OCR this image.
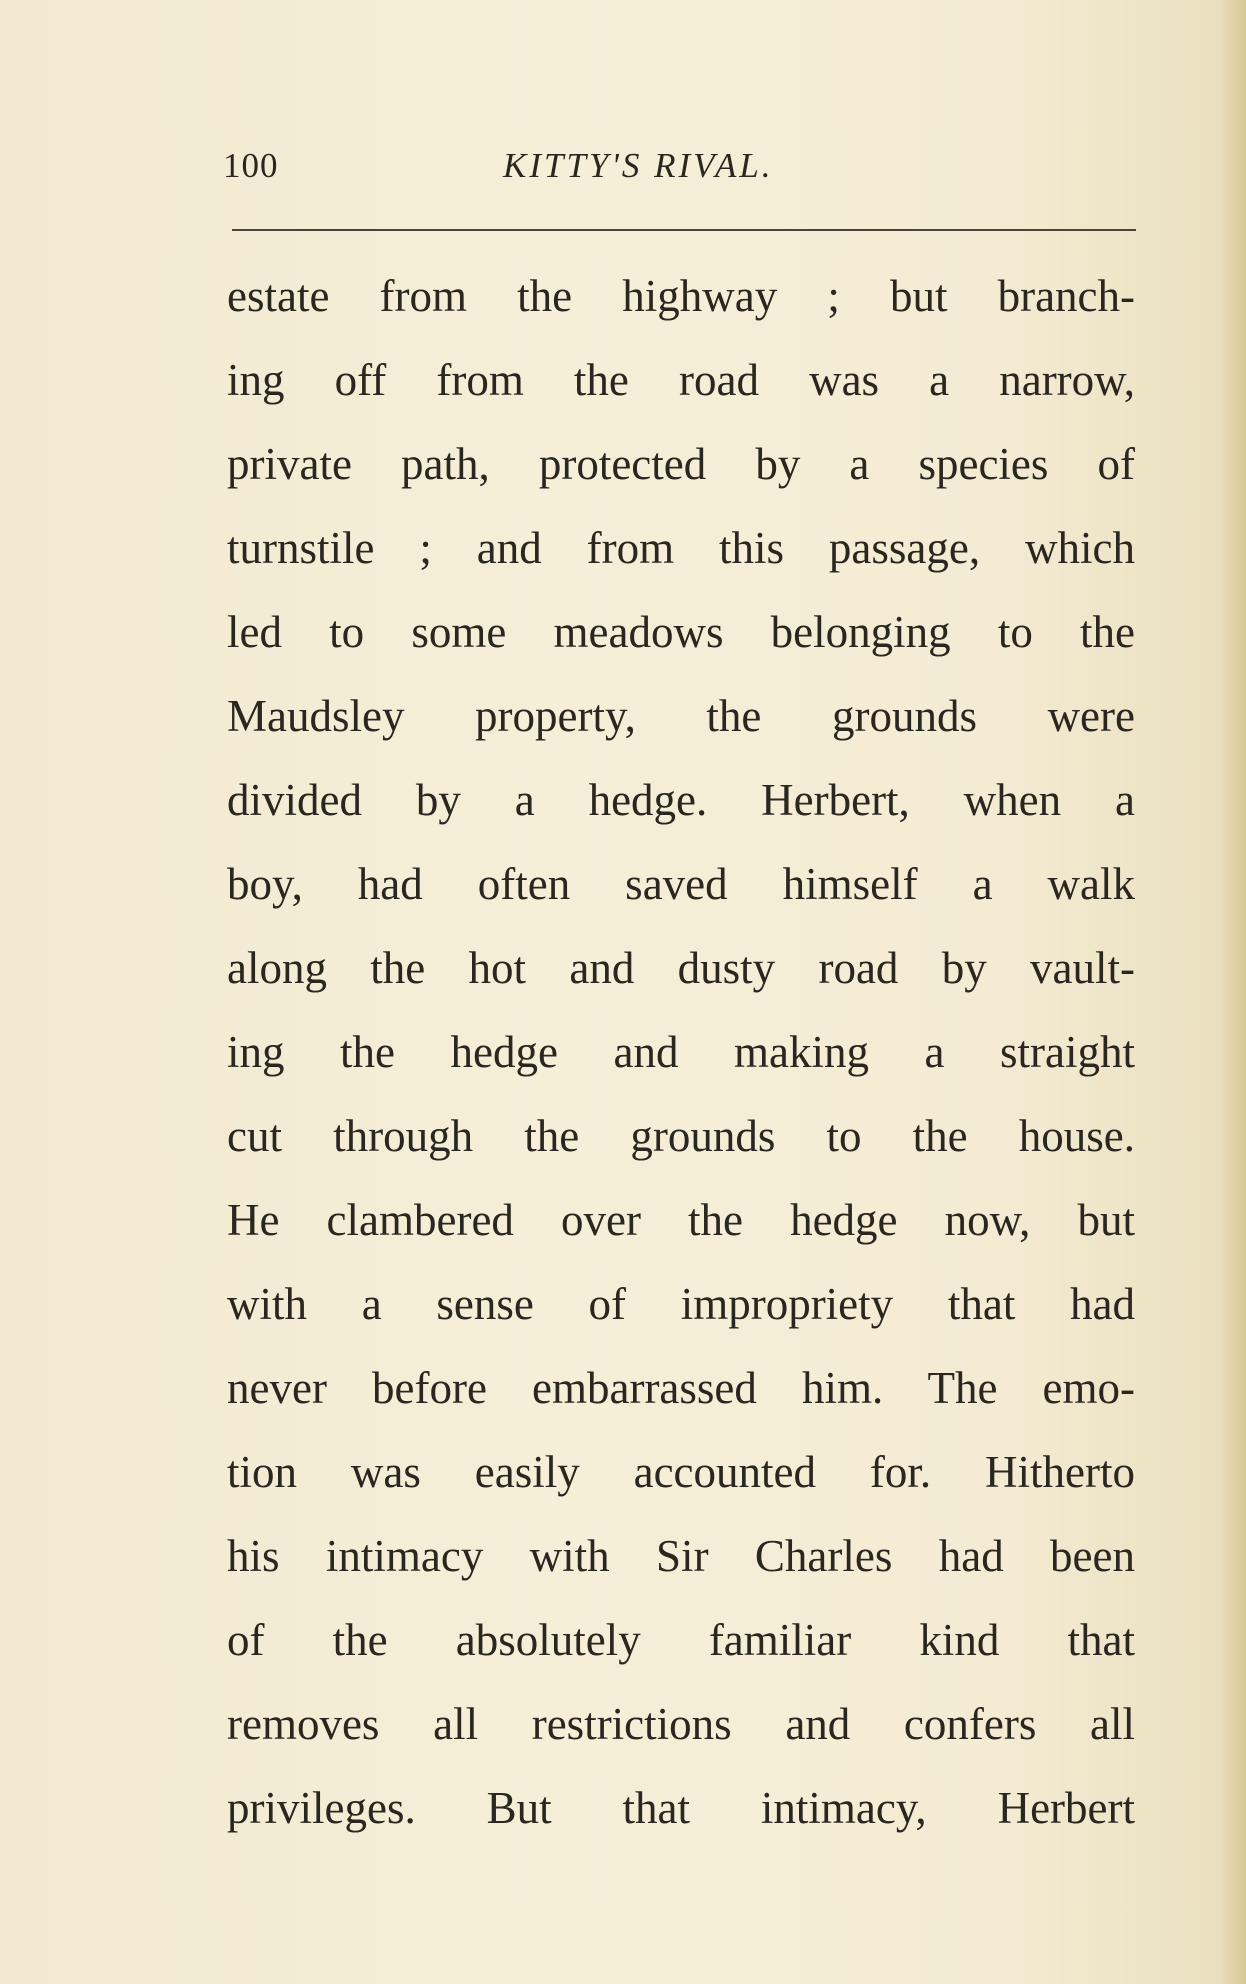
100	KITTY'S RIVAL.
estate from the highway ; but branch-
ing off from the road was a narrow,
private path, protected by a species of
turnstile ; and from this passage, which
led to some meadows belonging to the
Maudsley property, the grounds were
divided by a hedge. Herbert, when a
boy, had often saved himself a walk
along the hot and dusty road by vault-
ing the hedge and making a straight
cut through the grounds to the house.
He clambered over the hedge now, but
with a sense of impropriety that had
never before embarrassed him. The emo-
tion was easily accounted for. Hitherto
his intimacy with Sir Charles had been
of the absolutely familiar kind that
removes all restrictions and confers all
privileges. But that intimacy, Herbert
